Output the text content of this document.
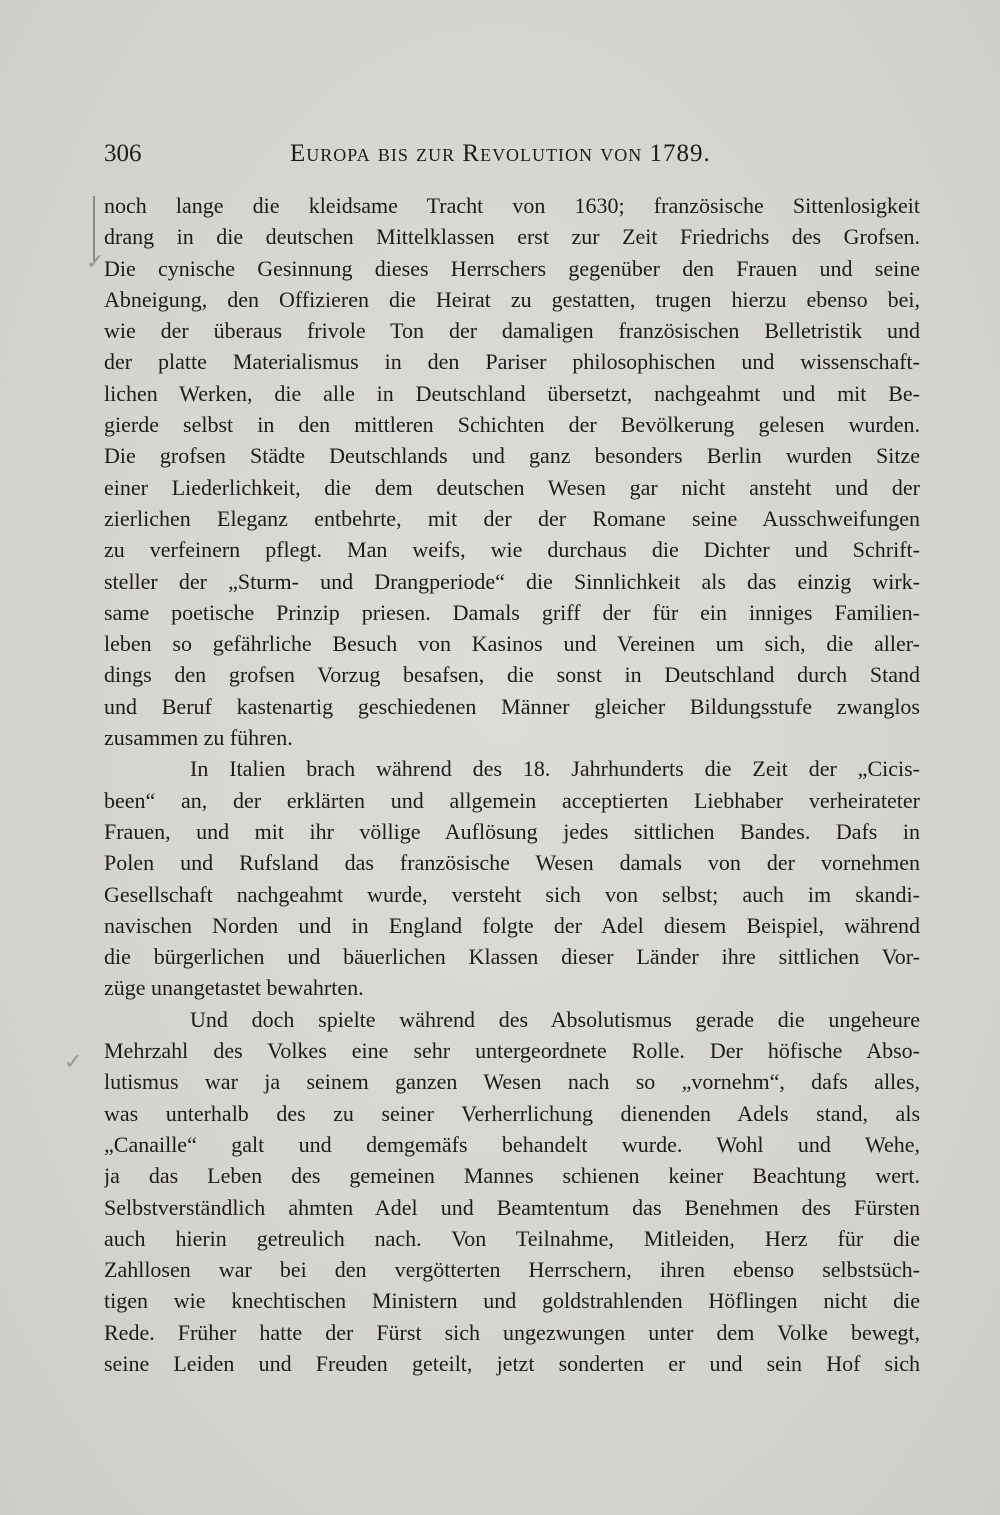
306	Europa bis zur Revolution von 1789.
✓
✓
noch lange die kleidsame Tracht von 1630; französische Sittenlosigkeit
drang in die deutschen Mittelklassen erst zur Zeit Friedrichs des Grofsen.
Die cynische Gesinnung dieses Herrschers gegenüber den Frauen und seine
Abneigung, den Offizieren die Heirat zu gestatten, trugen hierzu ebenso bei,
wie der überaus frivole Ton der damaligen französischen Belletristik und
der platte Materialismus in den Pariser philosophischen und wissenschaft-
lichen Werken, die alle in Deutschland übersetzt, nachgeahmt und mit Be-
gierde selbst in den mittleren Schichten der Bevölkerung gelesen wurden.
Die grofsen Städte Deutschlands und ganz besonders Berlin wurden Sitze
einer Liederlichkeit, die dem deutschen Wesen gar nicht ansteht und der
zierlichen Eleganz entbehrte, mit der der Romane seine Ausschweifungen
zu verfeinern pflegt. Man weifs, wie durchaus die Dichter und Schrift-
steller der „Sturm- und Drangperiode“ die Sinnlichkeit als das einzig wirk-
same poetische Prinzip priesen. Damals griff der für ein inniges Familien-
leben so gefährliche Besuch von Kasinos und Vereinen um sich, die aller-
dings den grofsen Vorzug besafsen, die sonst in Deutschland durch Stand
und Beruf kastenartig geschiedenen Männer gleicher Bildungsstufe zwanglos
zusammen zu führen.
In Italien brach während des 18. Jahrhunderts die Zeit der „Cicis-
been“ an, der erklärten und allgemein acceptierten Liebhaber verheirateter
Frauen, und mit ihr völlige Auflösung jedes sittlichen Bandes. Dafs in
Polen und Rufsland das französische Wesen damals von der vornehmen
Gesellschaft nachgeahmt wurde, versteht sich von selbst; auch im skandi-
navischen Norden und in England folgte der Adel diesem Beispiel, während
die bürgerlichen und bäuerlichen Klassen dieser Länder ihre sittlichen Vor-
züge unangetastet bewahrten.
Und doch spielte während des Absolutismus gerade die ungeheure
Mehrzahl des Volkes eine sehr untergeordnete Rolle. Der höfische Abso-
lutismus war ja seinem ganzen Wesen nach so „vornehm“, dafs alles,
was unterhalb des zu seiner Verherrlichung dienenden Adels stand, als
„Canaille“ galt und demgemäfs behandelt wurde. Wohl und Wehe,
ja das Leben des gemeinen Mannes schienen keiner Beachtung wert.
Selbstverständlich ahmten Adel und Beamtentum das Benehmen des Fürsten
auch hierin getreulich nach. Von Teilnahme, Mitleiden, Herz für die
Zahllosen war bei den vergötterten Herrschern, ihren ebenso selbstsüch-
tigen wie knechtischen Ministern und goldstrahlenden Höflingen nicht die
Rede. Früher hatte der Fürst sich ungezwungen unter dem Volke bewegt,
seine Leiden und Freuden geteilt, jetzt sonderten er und sein Hof sich
